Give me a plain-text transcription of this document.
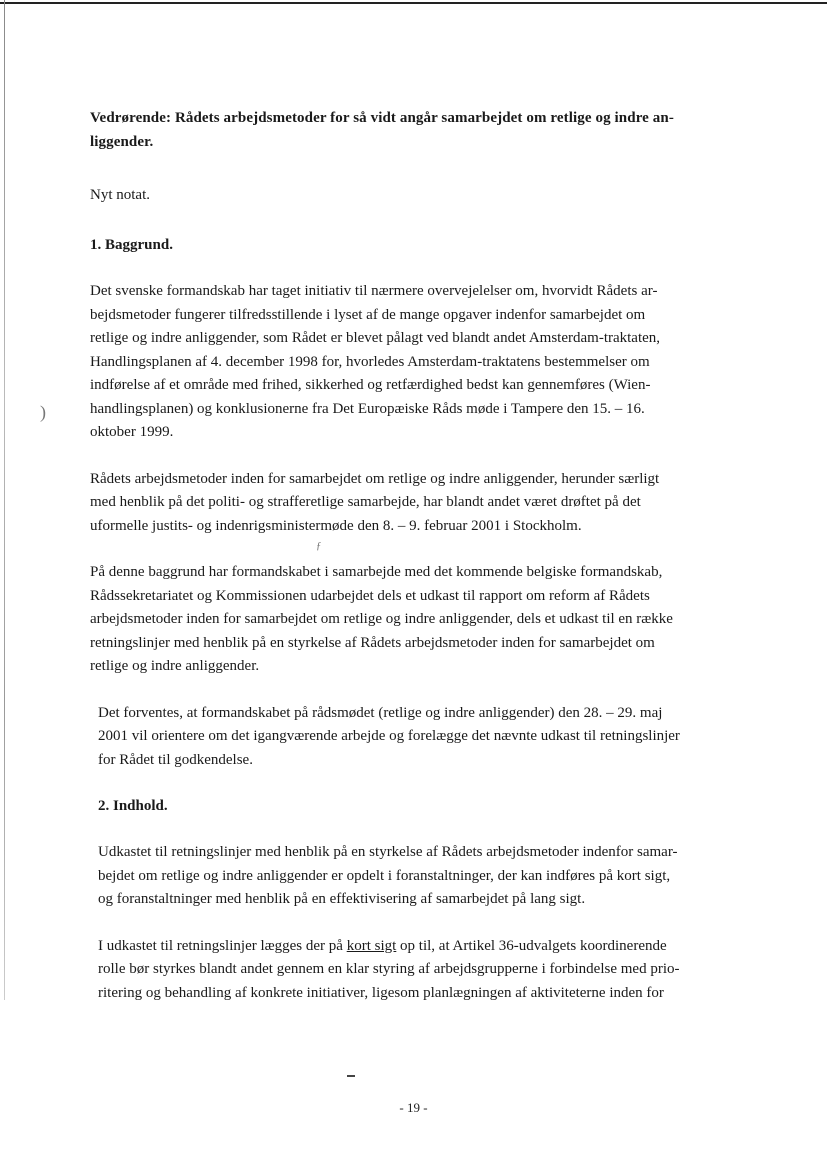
)
ƒ
Vedrørende: Rådets arbejdsmetoder for så vidt angår samarbejdet om retlige og indre an-
liggender.
Nyt notat.
1. Baggrund.
Det svenske formandskab har taget initiativ til nærmere overvejelelser om, hvorvidt Rådets ar-
bejdsmetoder fungerer tilfredsstillende i lyset af de mange opgaver indenfor samarbejdet om
retlige og indre anliggender, som Rådet er blevet pålagt ved blandt andet Amsterdam-traktaten,
Handlingsplanen af 4. december 1998 for, hvorledes Amsterdam-traktatens bestemmelser om
indførelse af et område med frihed, sikkerhed og retfærdighed bedst kan gennemføres (Wien-
handlingsplanen) og konklusionerne fra Det Europæiske Råds møde i Tampere den 15. – 16.
oktober 1999.
Rådets arbejdsmetoder inden for samarbejdet om retlige og indre anliggender, herunder særligt
med henblik på det politi- og strafferetlige samarbejde, har blandt andet været drøftet på det
uformelle justits- og indenrigsministermøde den 8. – 9. februar 2001 i Stockholm.
På denne baggrund har formandskabet i samarbejde med det kommende belgiske formandskab,
Rådssekretariatet og Kommissionen udarbejdet dels et udkast til rapport om reform af Rådets
arbejdsmetoder inden for samarbejdet om retlige og indre anliggender, dels et udkast til en række
retningslinjer med henblik på en styrkelse af Rådets arbejdsmetoder inden for samarbejdet om
retlige og indre anliggender.
Det forventes, at formandskabet på rådsmødet (retlige og indre anliggender) den 28. – 29. maj
2001 vil orientere om det igangværende arbejde og forelægge det nævnte udkast til retningslinjer
for Rådet til godkendelse.
2. Indhold.
Udkastet til retningslinjer med henblik på en styrkelse af Rådets arbejdsmetoder indenfor samar-
bejdet om retlige og indre anliggender er opdelt i foranstaltninger, der kan indføres på kort sigt,
og foranstaltninger med henblik på en effektivisering af samarbejdet på lang sigt.
I udkastet til retningslinjer lægges der på kort sigt op til, at Artikel 36-udvalgets koordinerende
rolle bør styrkes blandt andet gennem en klar styring af arbejdsgrupperne i forbindelse med prio-
ritering og behandling af konkrete initiativer, ligesom planlægningen af aktiviteterne inden for
- 19 -
